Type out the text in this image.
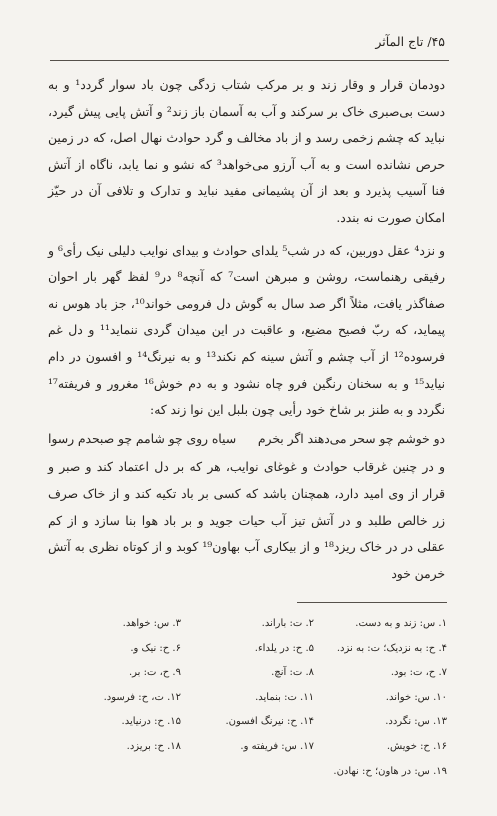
۴۵/ تاج المآثر

دودمان قرار و وقار زند و بر مرکب شتاب زدگی چون باد سوار گردد¹ و به دست بی‌صبری خاک بر سرکند و آب به آسمان باز زند² و آتش پایی پیش گیرد، نباید که چشم زخمی رسد و از باد مخالف و گرد حوادث نهال اصل، که در زمین حرص نشانده است و به آب آرزو می‌خواهد³ که نشو و نما یابد، ناگاه از آتش فنا آسیب پذیرد و بعد از آن پشیمانی مفید نباید و تدارک و تلافی آن در حیّز امکان صورت نه بندد.

و نزد⁴ عقل دوربین، که در شب⁵ یلدای حوادث و بیدای نوایب دلیلی نیک رأی⁶ و رفیقی رهنماست، روشن و مبرهن است⁷ که آنچه⁸ در⁹ لفظ گهر بار احوان صفاگذر یافت، مثلاً اگر صد سال به گوش دل فرومی خواند¹⁰، جز باد هوس نه پیماید، که ربّ فصیح مضیع، و عاقبت در این میدان گردی ننماید¹¹ و دل غم فرسوده¹² از آب چشم و آتش سینه کم نکند¹³ و به نیرنگ¹⁴ و افسون در دام نیاید¹⁵ و به سخنان رنگین فرو چاه نشود و به دم خوش¹⁶ مغرور و فریفته¹⁷ نگردد و به طنز بر شاخ خود رأیی چون بلبل این نوا زند که:

دو خوشم چو سحر می‌دهند اگر بخرم
سیاه روی چو شامم چو صبحدم رسوا

و در چنین غرقاب حوادث و غوغای نوایب، هر که بر دل اعتماد کند و صبر و قرار از وی امید دارد، همچنان باشد که کسی بر باد تکیه کند و از خاک صرف زر خالص طلبد و در آتش تیز آب حیات جوید و بر باد هوا بنا سازد و از کم عقلی در در خاک ریزد¹⁸ و از بیکاری آب بهاون¹⁹ کوبد و از کوتاه نظری به آتش خرمن خود

۱. س: زند و به دست.
۲. ت: باراند.
۳. س: خواهد.
۴. ح: به نزدیک؛ ت: به نزد.
۵. ح: در یلداء.
۶. ح: نیک و.
۷. ح، ت: بود.
۸. ت: آنچ.
۹. ح، ت: بر.
۱۰. س: خواند.
۱۱. ت: بنماید.
۱۲. ت، ح: فرسود.
۱۳. س: نگردد.
۱۴. ح: نیرنگ افسون.
۱۵. ح: درنیاید.
۱۶. ح: خویش.
۱۷. س: فریفته و.
۱۸. ح: بریزد.
۱۹. س: در هاون؛ ح: نهادن.
